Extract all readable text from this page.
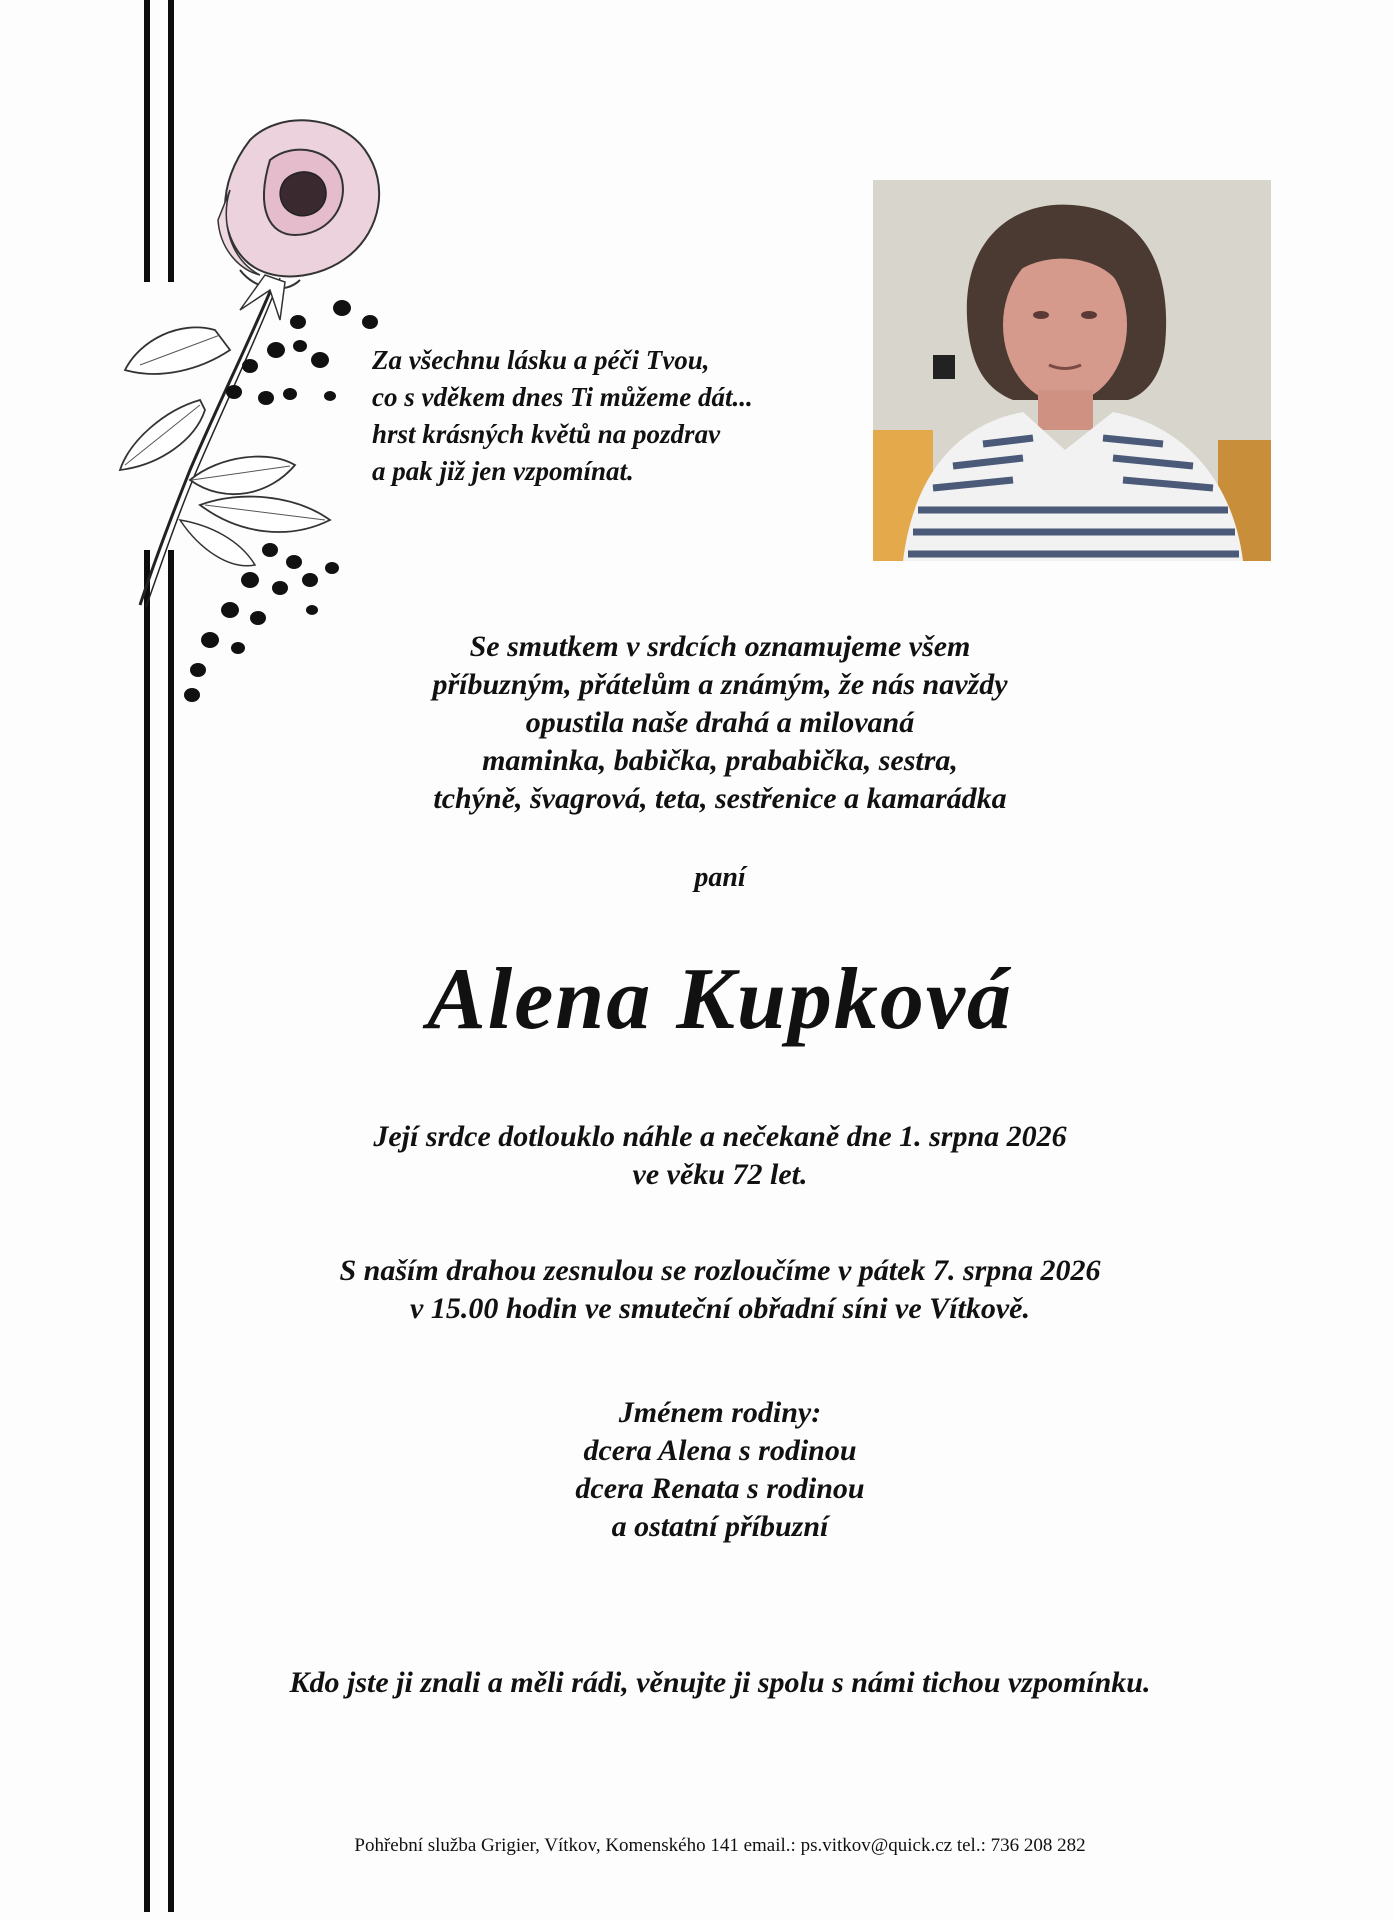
Za všechnu lásku a péči Tvou,
co s vděkem dnes Ti můžeme dát...
hrst krásných květů na pozdrav
a pak již jen vzpomínat.
Se smutkem v srdcích oznamujeme všem
příbuzným, přátelům a známým, že nás navždy
opustila naše drahá a milovaná
maminka, babička, prababička, sestra,
tchýně, švagrová, teta, sestřenice a kamarádka
paní
Alena Kupková
Její srdce dotlouklo náhle a nečekaně dne 1. srpna 2026
ve věku 72 let.
S naším drahou zesnulou se rozloučíme v pátek 7. srpna 2026
v 15.00 hodin ve smuteční obřadní síni ve Vítkově.
Jménem rodiny:
dcera Alena s rodinou
dcera Renata s rodinou
a ostatní příbuzní
Kdo jste ji znali a měli rádi, věnujte ji spolu s námi tichou vzpomínku.
Pohřební služba Grigier, Vítkov, Komenského 141 email.: ps.vitkov@quick.cz tel.: 736 208 282
